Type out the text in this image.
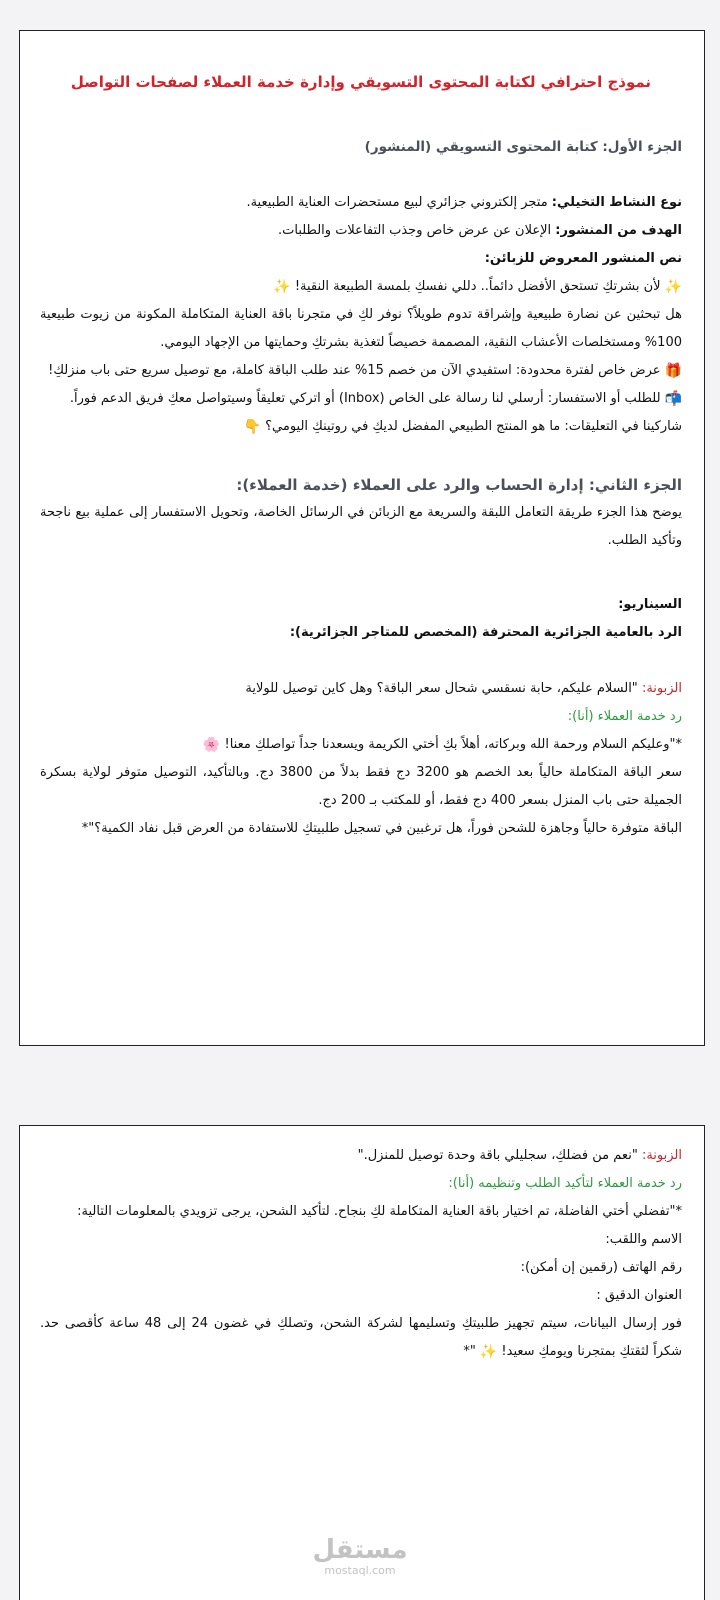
نموذج احترافي لكتابة المحتوى التسويقي وإدارة خدمة العملاء لصفحات التواصل
الجزء الأول: كتابة المحتوى التسويقي (المنشور)
نوع النشاط التخيلي: متجر إلكتروني جزائري لبيع مستحضرات العناية الطبيعية.
الهدف من المنشور: الإعلان عن عرض خاص وجذب التفاعلات والطلبات.
نص المنشور المعروض للزبائن:
✨لأن بشرتكِ تستحق الأفضل دائماً.. دللي نفسكِ بلمسة الطبيعة النقية! ✨
هل تبحثين عن نضارة طبيعية وإشراقة تدوم طويلاً؟ نوفر لكِ في متجرنا باقة العناية المتكاملة المكونة من زيوت طبيعية 100% ومستخلصات الأعشاب النقية، المصممة خصيصاً لتغذية بشرتكِ وحمايتها من الإجهاد اليومي.
🎁عرض خاص لفترة محدودة: استفيدي الآن من خصم 15% عند طلب الباقة كاملة، مع توصيل سريع حتى باب منزلكِ!
📬للطلب أو الاستفسار: أرسلي لنا رسالة على الخاص (Inbox) أو اتركي تعليقاً وسيتواصل معكِ فريق الدعم فوراً.
شاركينا في التعليقات: ما هو المنتج الطبيعي المفضل لديكِ في روتينكِ اليومي؟ 👇
الجزء الثاني: إدارة الحساب والرد على العملاء (خدمة العملاء):
يوضح هذا الجزء طريقة التعامل اللبقة والسريعة مع الزبائن في الرسائل الخاصة، وتحويل الاستفسار إلى عملية بيع ناجحة وتأكيد الطلب.
السيناريو:
الرد بالعامية الجزائرية المحترفة (المخصص للمتاجر الجزائرية):
الزبونة: "السلام عليكم، حابة نسقسي شحال سعر الباقة؟ وهل كاين توصيل للولاية
رد خدمة العملاء (أنا):
*"وعليكم السلام ورحمة الله وبركاته، أهلاً بكِ أختي الكريمة ويسعدنا جداً تواصلكِ معنا! 🌸
سعر الباقة المتكاملة حالياً بعد الخصم هو 3200 دج فقط بدلاً من 3800 دج. وبالتأكيد، التوصيل متوفر لولاية بسكرة الجميلة حتى باب المنزل بسعر 400 دج فقط، أو للمكتب بـ 200 دج.
الباقة متوفرة حالياً وجاهزة للشحن فوراً، هل ترغبين في تسجيل طلبيتكِ للاستفادة من العرض قبل نفاد الكمية؟"*
الزبونة: "نعم من فضلكِ، سجليلي باقة وحدة توصيل للمنزل."
رد خدمة العملاء لتأكيد الطلب وتنظيمه (أنا):
*"تفضلي أختي الفاضلة، تم اختيار باقة العناية المتكاملة لكِ بنجاح. لتأكيد الشحن، يرجى تزويدي بالمعلومات التالية:
الاسم واللقب:
رقم الهاتف (رقمين إن أمكن):
العنوان الدقيق :
فور إرسال البيانات، سيتم تجهيز طلبيتكِ وتسليمها لشركة الشحن، وتصلكِ في غضون 24 إلى 48 ساعة كأقصى حد. شكراً لثقتكِ بمتجرنا ويومكِ سعيد! ✨"*
مستقل
mostaql.com
